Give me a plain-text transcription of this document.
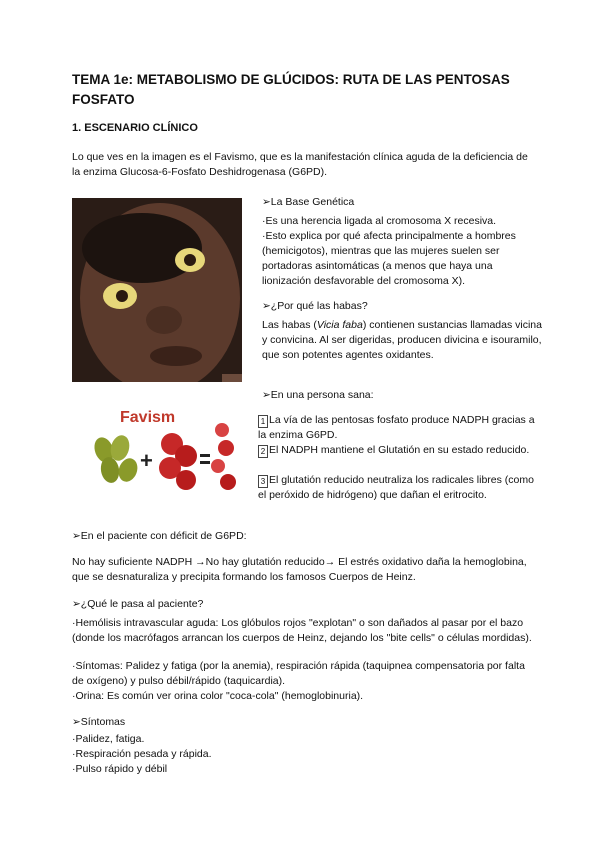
TEMA 1e: METABOLISMO DE GLÚCIDOS: RUTA DE LAS PENTOSAS FOSFATO
1. ESCENARIO CLÍNICO
Lo que ves en la imagen es el Favismo, que es la manifestación clínica aguda de la deficiencia de la enzima Glucosa-6-Fosfato Deshidrogenasa (G6PD).
Favism
+
➢La Base Genética
·Es una herencia ligada al cromosoma X recesiva.
·Esto explica por qué afecta principalmente a hombres (hemicigotos), mientras que las mujeres suelen ser portadoras asintomáticas (a menos que haya una lionización desfavorable del cromosoma X).
➢¿Por qué las habas?
Las habas (Vicia faba) contienen sustancias llamadas vicina y convicina. Al ser digeridas, producen divicina e isouramilo, que son potentes agentes oxidantes.
➢En una persona sana:
1 La vía de las pentosas fosfato produce NADPH gracias a la enzima G6PD.
2 El NADPH mantiene el Glutatión en su estado reducido.
3 El glutatión reducido neutraliza los radicales libres (como el peróxido de hidrógeno) que dañan el eritrocito.
➢En el paciente con déficit de G6PD:
No hay suficiente NADPH →No hay glutatión reducido→ El estrés oxidativo daña la hemoglobina, que se desnaturaliza y precipita formando los famosos Cuerpos de Heinz.
➢¿Qué le pasa al paciente?
·Hemólisis intravascular aguda: Los glóbulos rojos "explotan" o son dañados al pasar por el bazo (donde los macrófagos arrancan los cuerpos de Heinz, dejando los "bite cells" o células mordidas).
·Síntomas: Palidez y fatiga (por la anemia), respiración rápida (taquipnea compensatoria por falta de oxígeno) y pulso débil/rápido (taquicardia).
·Orina: Es común ver orina color "coca-cola" (hemoglobinuria).
➢Síntomas
·Palidez, fatiga.
·Respiración pesada y rápida.
·Pulso rápido y débil
